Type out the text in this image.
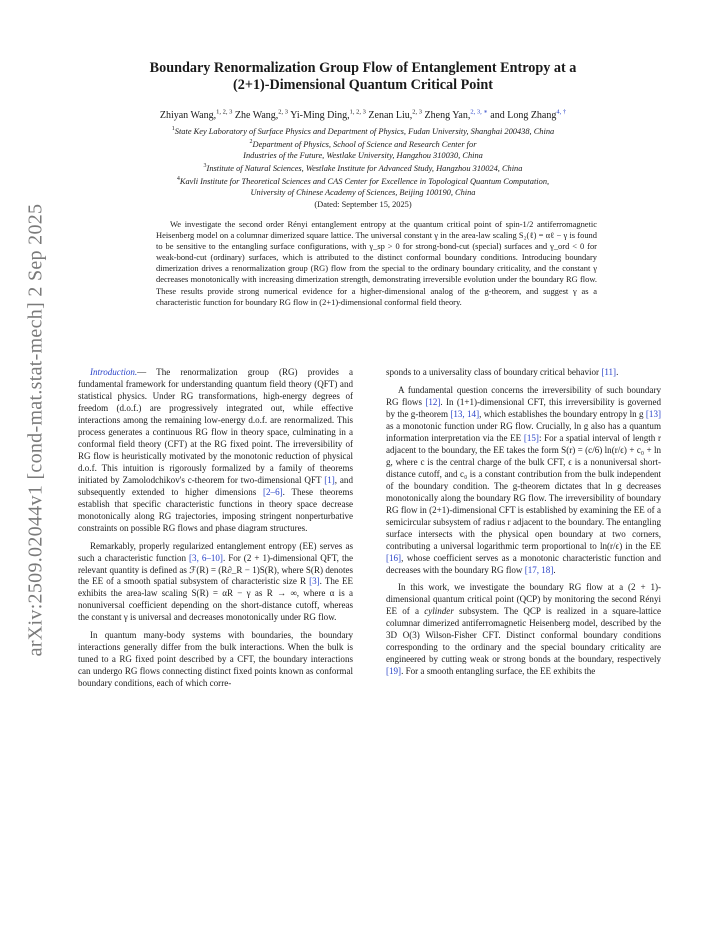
arXiv:2509.02044v1 [cond-mat.stat-mech] 2 Sep 2025
Boundary Renormalization Group Flow of Entanglement Entropy at a
(2+1)-Dimensional Quantum Critical Point
Zhiyan Wang,$^{1, 2, 3}$ Zhe Wang,$^{2, 3}$ Yi-Ming Ding,$^{1, 2, 3}$ Zenan Liu,$^{2, 3}$ Zheng Yan,$^{2, 3, ∗}$ and Long Zhang$^{4, \dagger}$
$^1$State Key Laboratory of Surface Physics and Department of Physics, Fudan University, Shanghai 200438, China
$^2$Department of Physics, School of Science and Research Center for
Industries of the Future, Westlake University, Hangzhou 310030, China
$^3$Institute of Natural Sciences, Westlake Institute for Advanced Study, Hangzhou 310024, China
$^4$Kavli Institute for Theoretical Sciences and CAS Center for Excellence in Topological Quantum Computation,
University of Chinese Academy of Sciences, Beijing 100190, China
(Dated: September 15, 2025)

We investigate the second order Rényi entanglement entropy at the quantum critical point of spin-1/2 antiferromagnetic Heisenberg model on a columnar dimerized square lattice. The universal constant γ in the area-law scaling S₂(ℓ) = αℓ − γ is found to be sensitive to the entangling surface configurations, with γ_sp > 0 for strong-bond-cut (special) surfaces and γ_ord < 0 for weak-bond-cut (ordinary) surfaces, which is attributed to the distinct conformal boundary conditions. Introducing boundary dimerization drives a renormalization group (RG) flow from the special to the ordinary boundary criticality, and the constant γ decreases monotonically with increasing dimerization strength, demonstrating irreversible evolution under the boundary RG flow. These results provide strong numerical evidence for a higher-dimensional analog of the g-theorem, and suggest γ as a characteristic function for boundary RG flow in (2+1)-dimensional conformal field theory.

Introduction.— The renormalization group (RG) provides a fundamental framework for understanding quantum field theory (QFT) and statistical physics. Under RG transformations, high-energy degrees of freedom (d.o.f.) are progressively integrated out, while effective interactions among the remaining low-energy d.o.f. are renormalized. This process generates a continuous RG flow in theory space, culminating in a conformal field theory (CFT) at the RG fixed point. The irreversibility of RG flow is heuristically motivated by the monotonic reduction of physical d.o.f. This intuition is rigorously formalized by a family of theorems initiated by Zamolodchikov's c-theorem for two-dimensional QFT [1], and subsequently extended to higher dimensions [2–6]. These theorems establish that specific characteristic functions in theory space decrease monotonically along RG trajectories, imposing stringent nonperturbative constraints on possible RG flows and phase diagram structures.

Remarkably, properly regularized entanglement entropy (EE) serves as such a characteristic function [3, 6–10]. For (2 + 1)-dimensional QFT, the relevant quantity is defined as ℱ(R) = (R∂_R − 1)S(R), where S(R) denotes the EE of a smooth spatial subsystem of characteristic size R [3]. The EE exhibits the area-law scaling S(R) = αR − γ as R → ∞, where α is a nonuniversal coefficient depending on the short-distance cutoff, whereas the constant γ is universal and decreases monotonically under RG flow.

In quantum many-body systems with boundaries, the boundary interactions generally differ from the bulk interactions. When the bulk is tuned to a RG fixed point described by a CFT, the boundary interactions can undergo RG flows connecting distinct fixed points known as conformal boundary conditions, each of which corre-

sponds to a universality class of boundary critical behavior [11].

A fundamental question concerns the irreversibility of such boundary RG flows [12]. In (1+1)-dimensional CFT, this irreversibility is governed by the g-theorem [13, 14], which establishes the boundary entropy ln g [13] as a monotonic function under RG flow. Crucially, ln g also has a quantum information interpretation via the EE [15]: For a spatial interval of length r adjacent to the boundary, the EE takes the form S(r) = (c/6) ln(r/ϵ) + c₀ + ln g, where c is the central charge of the bulk CFT, ϵ is a nonuniversal short-distance cutoff, and c₀ is a constant contribution from the bulk independent of the boundary condition. The g-theorem dictates that ln g decreases monotonically along the boundary RG flow. The irreversibility of boundary RG flow in (2+1)-dimensional CFT is established by examining the EE of a semicircular subsystem of radius r adjacent to the boundary. The entangling surface intersects with the physical open boundary at two corners, contributing a universal logarithmic term proportional to ln(r/ϵ) in the EE [16], whose coefficient serves as a monotonic characteristic function and decreases with the boundary RG flow [17, 18].

In this work, we investigate the boundary RG flow at a (2 + 1)-dimensional quantum critical point (QCP) by monitoring the second Rényi EE of a cylinder subsystem. The QCP is realized in a square-lattice columnar dimerized antiferromagnetic Heisenberg model, described by the 3D O(3) Wilson-Fisher CFT. Distinct conformal boundary conditions corresponding to the ordinary and the special boundary criticality are engineered by cutting weak or strong bonds at the boundary, respectively [19]. For a smooth entangling surface, the EE exhibits the
